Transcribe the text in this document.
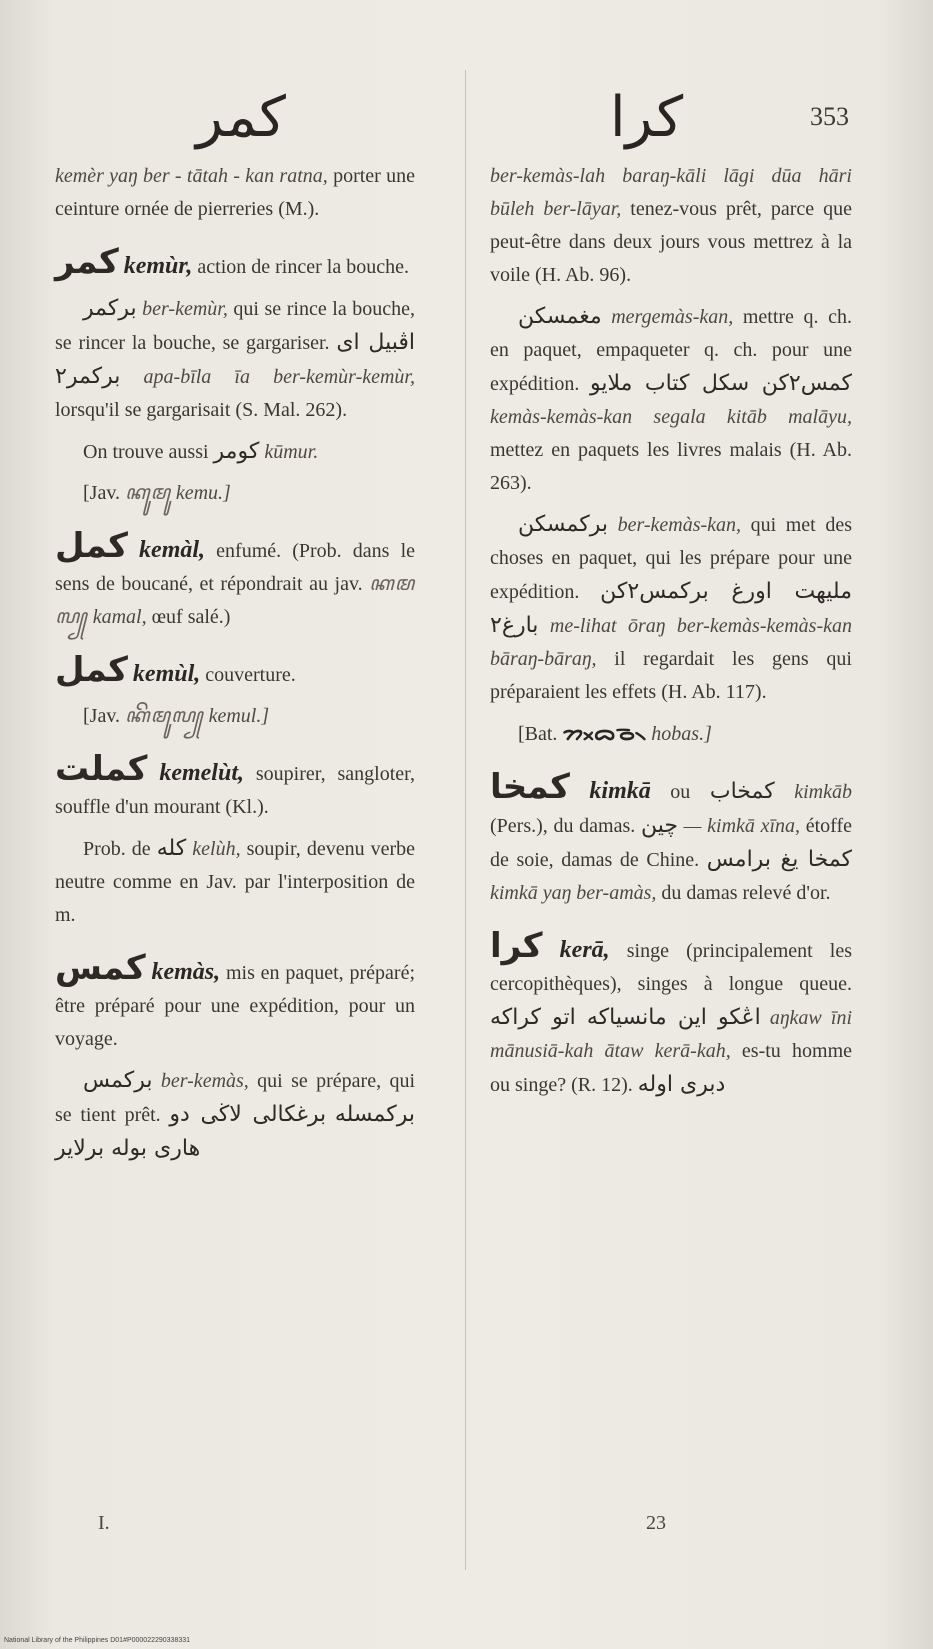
كمر	كرا	353

kemèr yaŋ ber - tātah - kan ratna, porter une ceinture ornée de pierreries (M.).

كمر kemùr, action de rincer la bouche.

بركمر ber-kemùr, qui se rince la bouche, se rincer la bouche, se gargariser. اڤبيل اى بركمر٢ apa-bīla īa ber-kemùr-kemùr, lorsqu'il se gargarisait (S. Mal. 262).

On trouve aussi كومر kūmur.

[Jav. ꦏꦸꦩꦸ kemu.]

كمل kemàl, enfumé. (Prob. dans le sens de boucané, et répondrait au jav. ꦏꦩꦭ꧀ kamal, œuf salé.)

كمل kemùl, couverture.

[Jav. ꦏꦼꦩꦸꦭ꧀ kemul.]

كملت kemelùt, soupirer, sangloter, souffle d'un mourant (Kl.).

Prob. de كله kelùh, soupir, devenu verbe neutre comme en Jav. par l'interposition de m.

كمس kemàs, mis en paquet, préparé; être préparé pour une expédition, pour un voyage.

بركمس ber-kemàs, qui se prépare, qui se tient prêt.	بركمسله برغكالى لاڬى دو هارى بوله برلاير

ber-kemàs-lah baraŋ-kāli lāgi dūa hāri būleh ber-lāyar, tenez-vous prêt, parce que peut-être dans deux jours vous mettrez à la voile (H. Ab. 96).

مغمسكن mergemàs-kan, mettre q. ch. en paquet, empaqueter q. ch. pour une expédition. كمس٢كن سكل كتاب ملايو kemàs-kemàs-kan segala kitāb malāyu, mettez en paquets les livres malais (H. Ab. 263).

بركمسكن ber-kemàs-kan, qui met des choses en paquet, qui les prépare pour une expédition. مليهت اورغ بركمس٢كن بارغ٢ me-lihat ōraŋ ber-kemàs-kemàs-kan bāraŋ-bāraŋ, il regardait les gens qui préparaient les effets (H. Ab. 117).

[Bat. ᯂᯬᯅᯉ᯲ hobas.]

كمخا kimkā ou كمخاب kimkāb (Pers.), du damas. چين — kimkā xīna, étoffe de soie, damas de Chine. كمخا يغ برامس kimkā yaŋ ber-amàs, du damas relevé d'or.

كرا kerā, singe (principalement les cercopithèques), singes à longue queue. اڠكو اين مانسياكه اتو كراكه aŋkaw īni mānusiā-kah ātaw kerā-kah, es-tu homme ou singe? (R. 12). دبرى اوله

I.	23
National Library of the Philippines D01#P000022290338331
